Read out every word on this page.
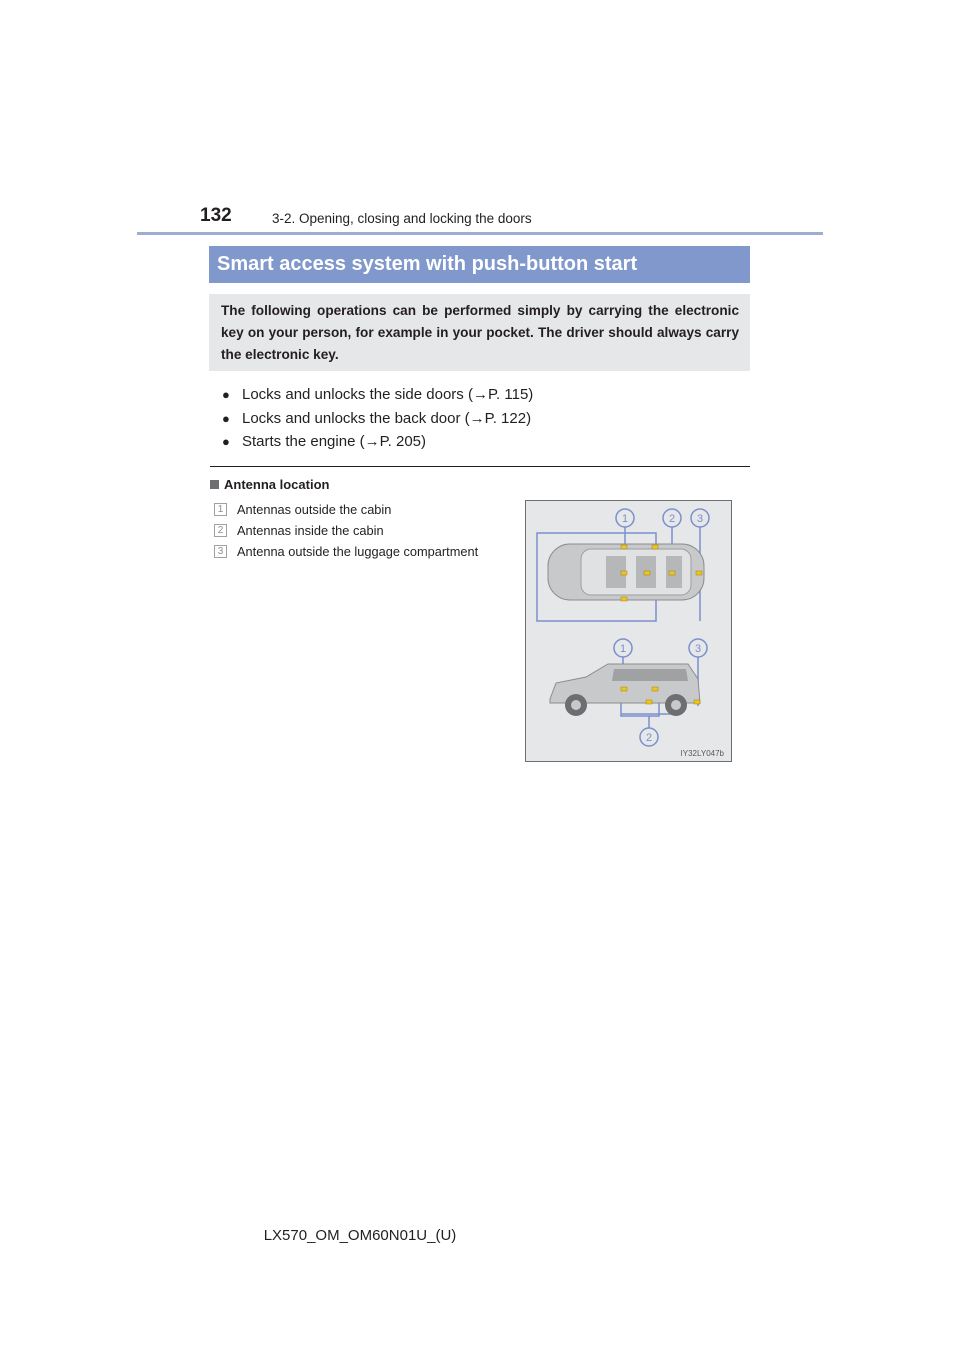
132	3-2. Opening, closing and locking the doors
Smart access system with push-button start
The following operations can be performed simply by carrying the electronic key on your person, for example in your pocket. The driver should always carry the electronic key.
● Locks and unlocks the side doors (→P. 115)
● Locks and unlocks the back door (→P. 122)
● Starts the engine (→P. 205)
Antenna location
1 Antennas outside the cabin
2 Antennas inside the cabin
3 Antenna outside the luggage compartment
1	2 3
1	3
2
IY32LY047b
LX570_OM_OM60N01U_(U)
